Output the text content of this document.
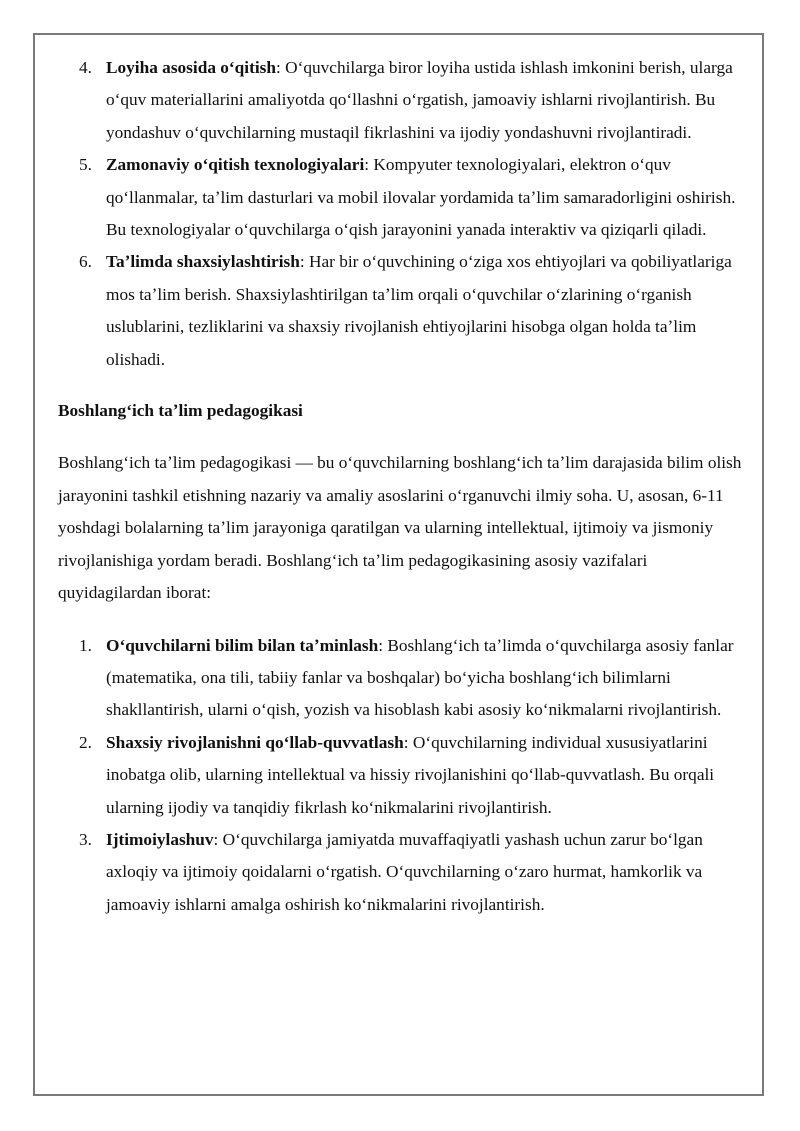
4. Loyiha asosida oʻqitish: Oʻquvchilarga biror loyiha ustida ishlash imkonini berish, ularga oʻquv materiallarini amaliyotda qoʻllashni oʻrgatish, jamoaviy ishlarni rivojlantirish. Bu yondashuv oʻquvchilarning mustaqil fikrlashini va ijodiy yondashuvni rivojlantiradi.
5. Zamonaviy oʻqitish texnologiyalari: Kompyuter texnologiyalari, elektron oʻquv qoʻllanmalar, taʼlim dasturlari va mobil ilovalar yordamida taʼlim samaradorligini oshirish. Bu texnologiyalar oʻquvchilarga oʻqish jarayonini yanada interaktiv va qiziqarli qiladi.
6. Taʼlimda shaxsiylashtirish: Har bir oʻquvchining oʻziga xos ehtiyojlari va qobiliyatlariga mos taʼlim berish. Shaxsiylashtirilgan taʼlim orqali oʻquvchilar oʻzlarining oʻrganish uslublarini, tezliklarini va shaxsiy rivojlanish ehtiyojlarini hisobga olgan holda taʼlim olishadi.
Boshlangʻich taʼlim pedagogikasi
Boshlangʻich taʼlim pedagogikasi — bu oʻquvchilarning boshlangʻich taʼlim darajasida bilim olish jarayonini tashkil etishning nazariy va amaliy asoslarini oʻrganuvchi ilmiy soha. U, asosan, 6-11 yoshdagi bolalarning taʼlim jarayoniga qaratilgan va ularning intellektual, ijtimoiy va jismoniy rivojlanishiga yordam beradi. Boshlangʻich taʼlim pedagogikasining asosiy vazifalari quyidagilardan iborat:
1. Oʻquvchilarni bilim bilan taʼminlash: Boshlangʻich taʼlimda oʻquvchilarga asosiy fanlar (matematika, ona tili, tabiiy fanlar va boshqalar) boʻyicha boshlangʻich bilimlarni shakllantirish, ularni oʻqish, yozish va hisoblash kabi asosiy koʻnikmalarni rivojlantirish.
2. Shaxsiy rivojlanishni qoʻllab-quvvatlash: Oʻquvchilarning individual xususiyatlarini inobatga olib, ularning intellektual va hissiy rivojlanishini qoʻllab-quvvatlash. Bu orqali ularning ijodiy va tanqidiy fikrlash koʻnikmalarini rivojlantirish.
3. Ijtimoiylashuv: Oʻquvchilarga jamiyatda muvaffaqiyatli yashash uchun zarur boʻlgan axloqiy va ijtimoiy qoidalarni oʻrgatish. Oʻquvchilarning oʻzaro hurmat, hamkorlik va jamoaviy ishlarni amalga oshirish koʻnikmalarini rivojlantirish.
